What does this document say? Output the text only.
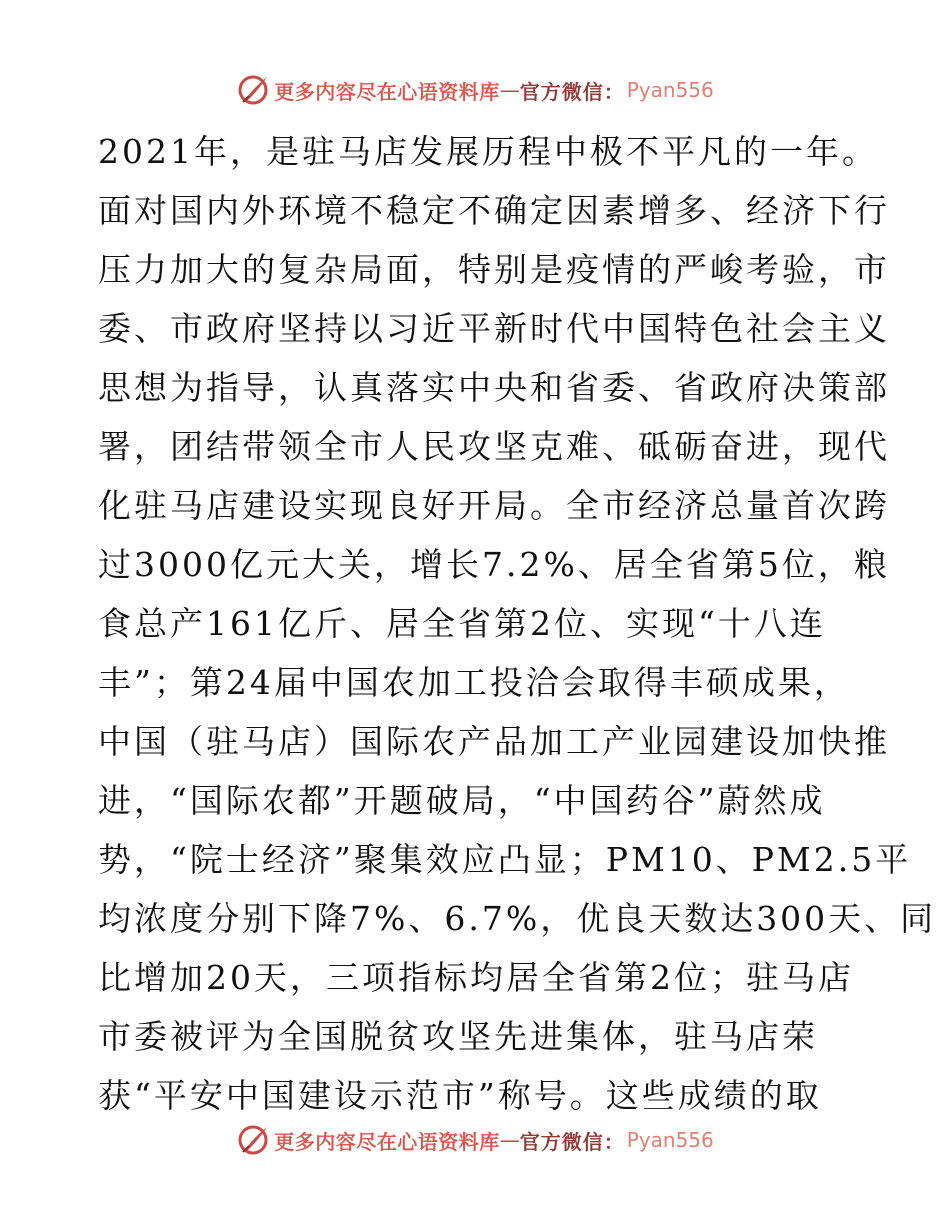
更多内容尽在心语资料库 — 官方微信： Pyan556
2021年，是驻马店发展历程中极不平凡的一年。
面对国内外环境不稳定不确定因素增多、经济下行
压力加大的复杂局面，特别是疫情的严峻考验，市
委、市政府坚持以习近平新时代中国特色社会主义
思想为指导，认真落实中央和省委、省政府决策部
署，团结带领全市人民攻坚克难、砥砺奋进，现代
化驻马店建设实现良好开局。全市经济总量首次跨
过3000亿元大关，增长7.2%、居全省第5位，粮
食总产161亿斤、居全省第2位、实现“十八连
丰”；第24届中国农加工投洽会取得丰硕成果，
中国（驻马店）国际农产品加工产业园建设加快推
进，“国际农都”开题破局，“中国药谷”蔚然成
势，“院士经济”聚集效应凸显；PM10、PM2.5平
均浓度分别下降7%、6.7%，优良天数达300天、同
比增加20天，三项指标均居全省第2位；驻马店
市委被评为全国脱贫攻坚先进集体，驻马店荣
获“平安中国建设示范市”称号。这些成绩的取
更多内容尽在心语资料库 — 官方微信： Pyan556
